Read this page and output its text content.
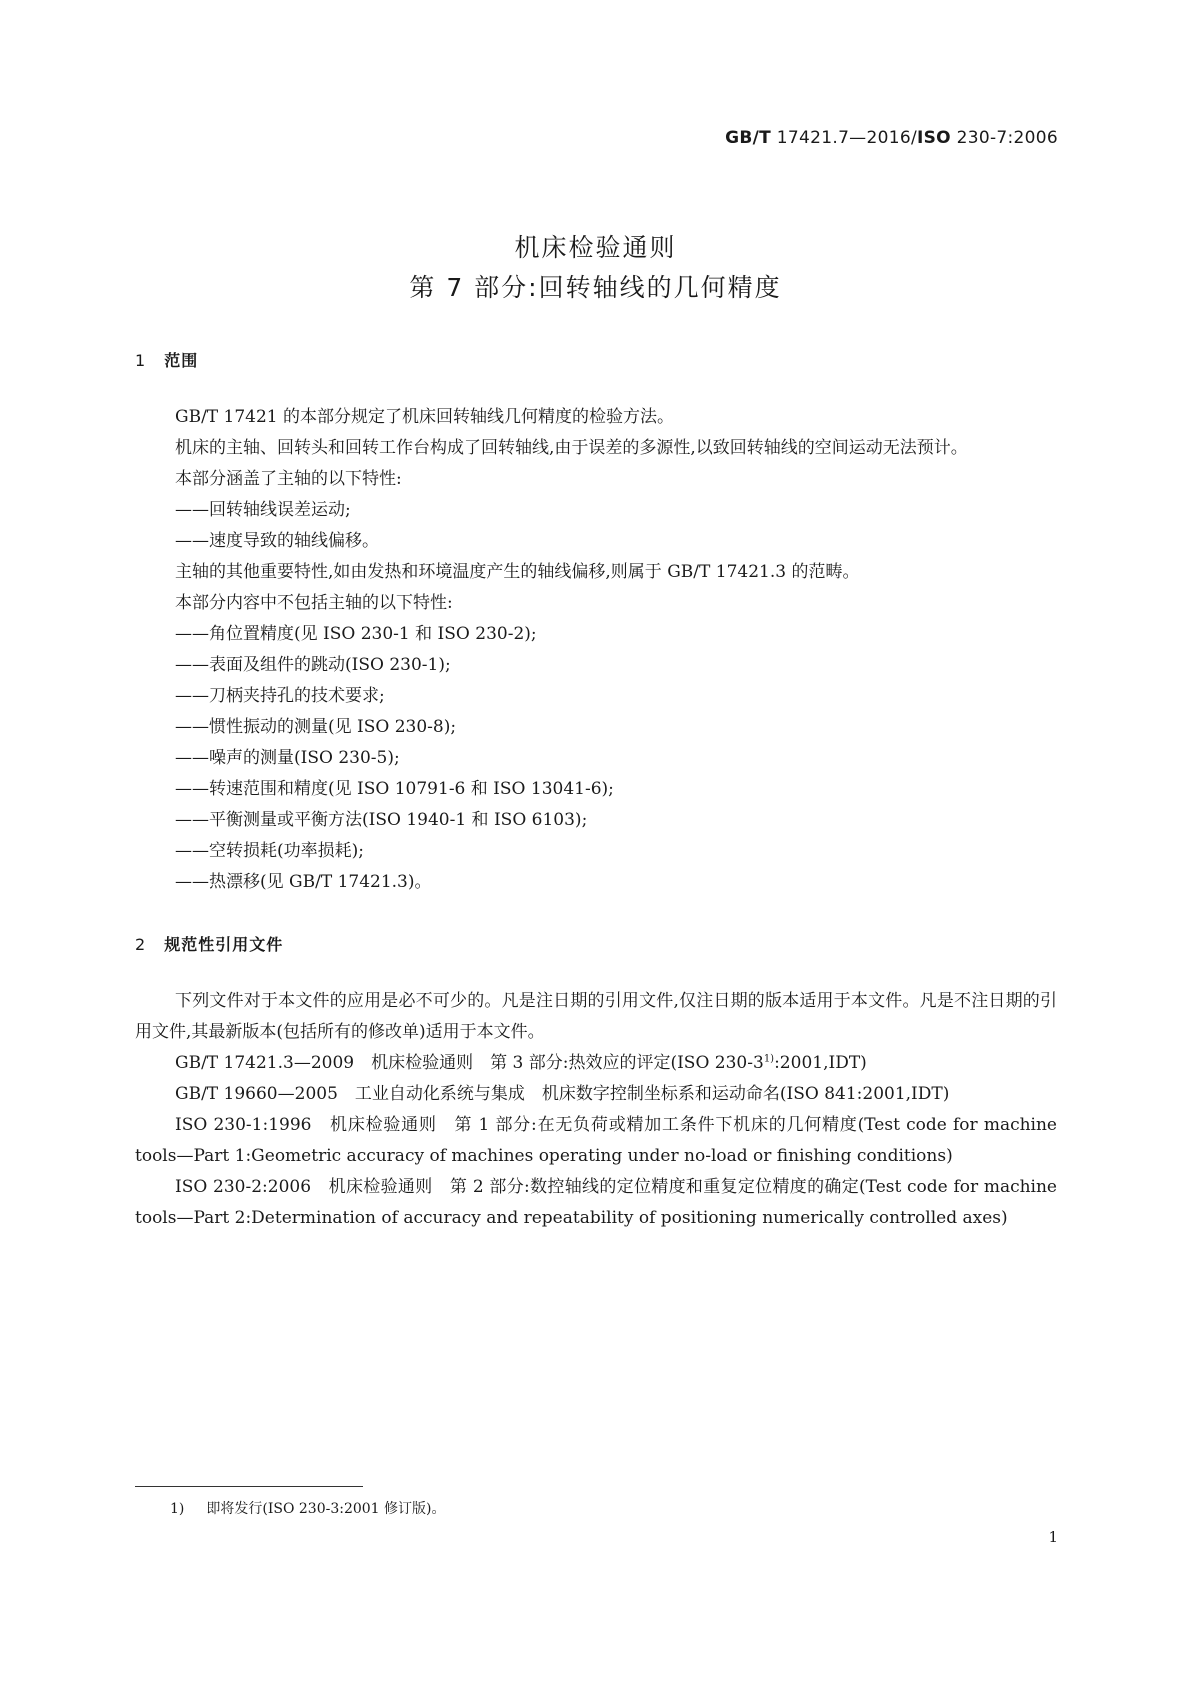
GB/T 17421.7—2016/ISO 230-7:2006
机床检验通则
第 7 部分:回转轴线的几何精度
1 范围

GB/T 17421 的本部分规定了机床回转轴线几何精度的检验方法。

机床的主轴、回转头和回转工作台构成了回转轴线,由于误差的多源性,以致回转轴线的空间运动无法预计。

本部分涵盖了主轴的以下特性:

——回转轴线误差运动;

——速度导致的轴线偏移。

主轴的其他重要特性,如由发热和环境温度产生的轴线偏移,则属于 GB/T 17421.3 的范畴。

本部分内容中不包括主轴的以下特性:

——角位置精度(见 ISO 230-1 和 ISO 230-2);

——表面及组件的跳动(ISO 230-1);

——刀柄夹持孔的技术要求;

——惯性振动的测量(见 ISO 230-8);

——噪声的测量(ISO 230-5);

——转速范围和精度(见 ISO 10791-6 和 ISO 13041-6);

——平衡测量或平衡方法(ISO 1940-1 和 ISO 6103);

——空转损耗(功率损耗);

——热漂移(见 GB/T 17421.3)。

2 规范性引用文件

下列文件对于本文件的应用是必不可少的。凡是注日期的引用文件,仅注日期的版本适用于本文件。凡是不注日期的引用文件,其最新版本(包括所有的修改单)适用于本文件。

GB/T 17421.3—2009　机床检验通则　第 3 部分:热效应的评定(ISO 230-3$^{1)}$:2001,IDT)

GB/T 19660—2005　工业自动化系统与集成　机床数字控制坐标系和运动命名(ISO 841:2001,IDT)

ISO 230-1:1996　机床检验通则　第 1 部分:在无负荷或精加工条件下机床的几何精度(Test code for machine tools—Part 1:Geometric accuracy of machines operating under no-load or finishing conditions)

ISO 230-2:2006　机床检验通则　第 2 部分:数控轴线的定位精度和重复定位精度的确定(Test code for machine tools—Part 2:Determination of accuracy and repeatability of positioning numerically controlled axes)

1) 即将发行(ISO 230-3:2001 修订版)。
1
